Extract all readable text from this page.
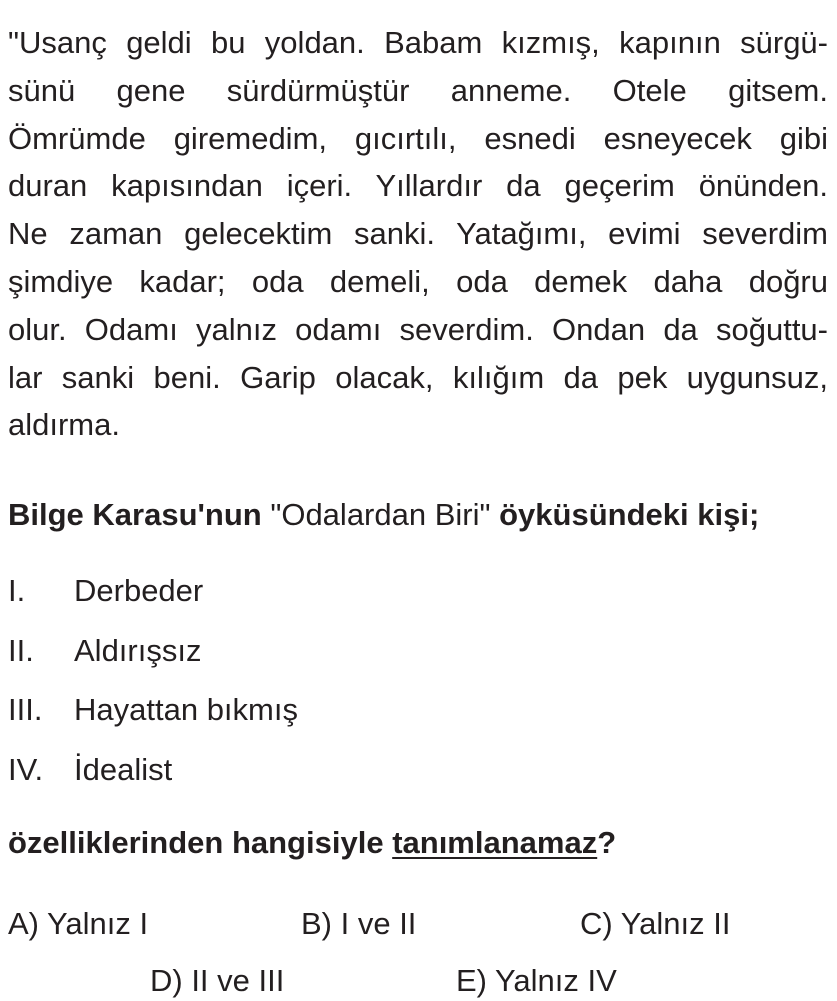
"Usanç geldi bu yoldan. Babam kızmış, kapının sürgü-
sünü gene sürdürmüştür anneme. Otele gitsem.
Ömrümde giremedim, gıcırtılı, esnedi esneyecek gibi
duran kapısından içeri. Yıllardır da geçerim önünden.
Ne zaman gelecektim sanki. Yatağımı, evimi severdim
şimdiye kadar; oda demeli, oda demek daha doğru
olur. Odamı yalnız odamı severdim. Ondan da soğuttu-
lar sanki beni. Garip olacak, kılığım da pek uygunsuz,
aldırma.
Bilge Karasu'nun "Odalardan Biri" öyküsündeki kişi;
I. Derbeder
II. Aldırışsız
III. Hayattan bıkmış
IV. İdealist
özelliklerinden hangisiyle tanımlanamaz?
A) Yalnız I	B) I ve II	C) Yalnız II
D) II ve III	E) Yalnız IV
